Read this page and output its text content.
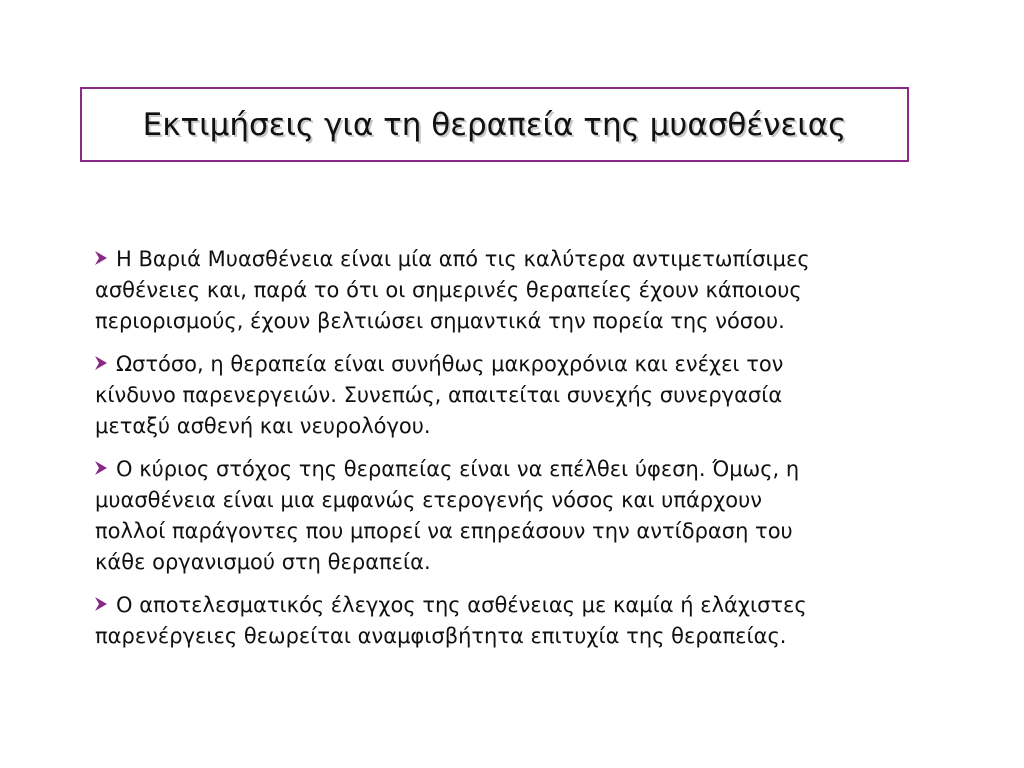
Εκτιμήσεις για τη θεραπεία της μυασθένειας
Η Βαριά Μυασθένεια είναι μία από τις καλύτερα αντιμετωπίσιμες
ασθένειες και, παρά το ότι οι σημερινές θεραπείες έχουν κάποιους
περιορισμούς, έχουν βελτιώσει σημαντικά την πορεία της νόσου.
Ωστόσο, η θεραπεία είναι συνήθως μακροχρόνια και ενέχει τον
κίνδυνο παρενεργειών. Συνεπώς, απαιτείται συνεχής συνεργασία
μεταξύ ασθενή και νευρολόγου.
Ο κύριος στόχος της θεραπείας είναι να επέλθει ύφεση. Όμως, η
μυασθένεια είναι μια εμφανώς ετερογενής νόσος και υπάρχουν
πολλοί παράγοντες που μπορεί να επηρεάσουν την αντίδραση του
κάθε οργανισμού στη θεραπεία.
Ο αποτελεσματικός έλεγχος της ασθένειας με καμία ή ελάχιστες
παρενέργειες θεωρείται αναμφισβήτητα επιτυχία της θεραπείας.
